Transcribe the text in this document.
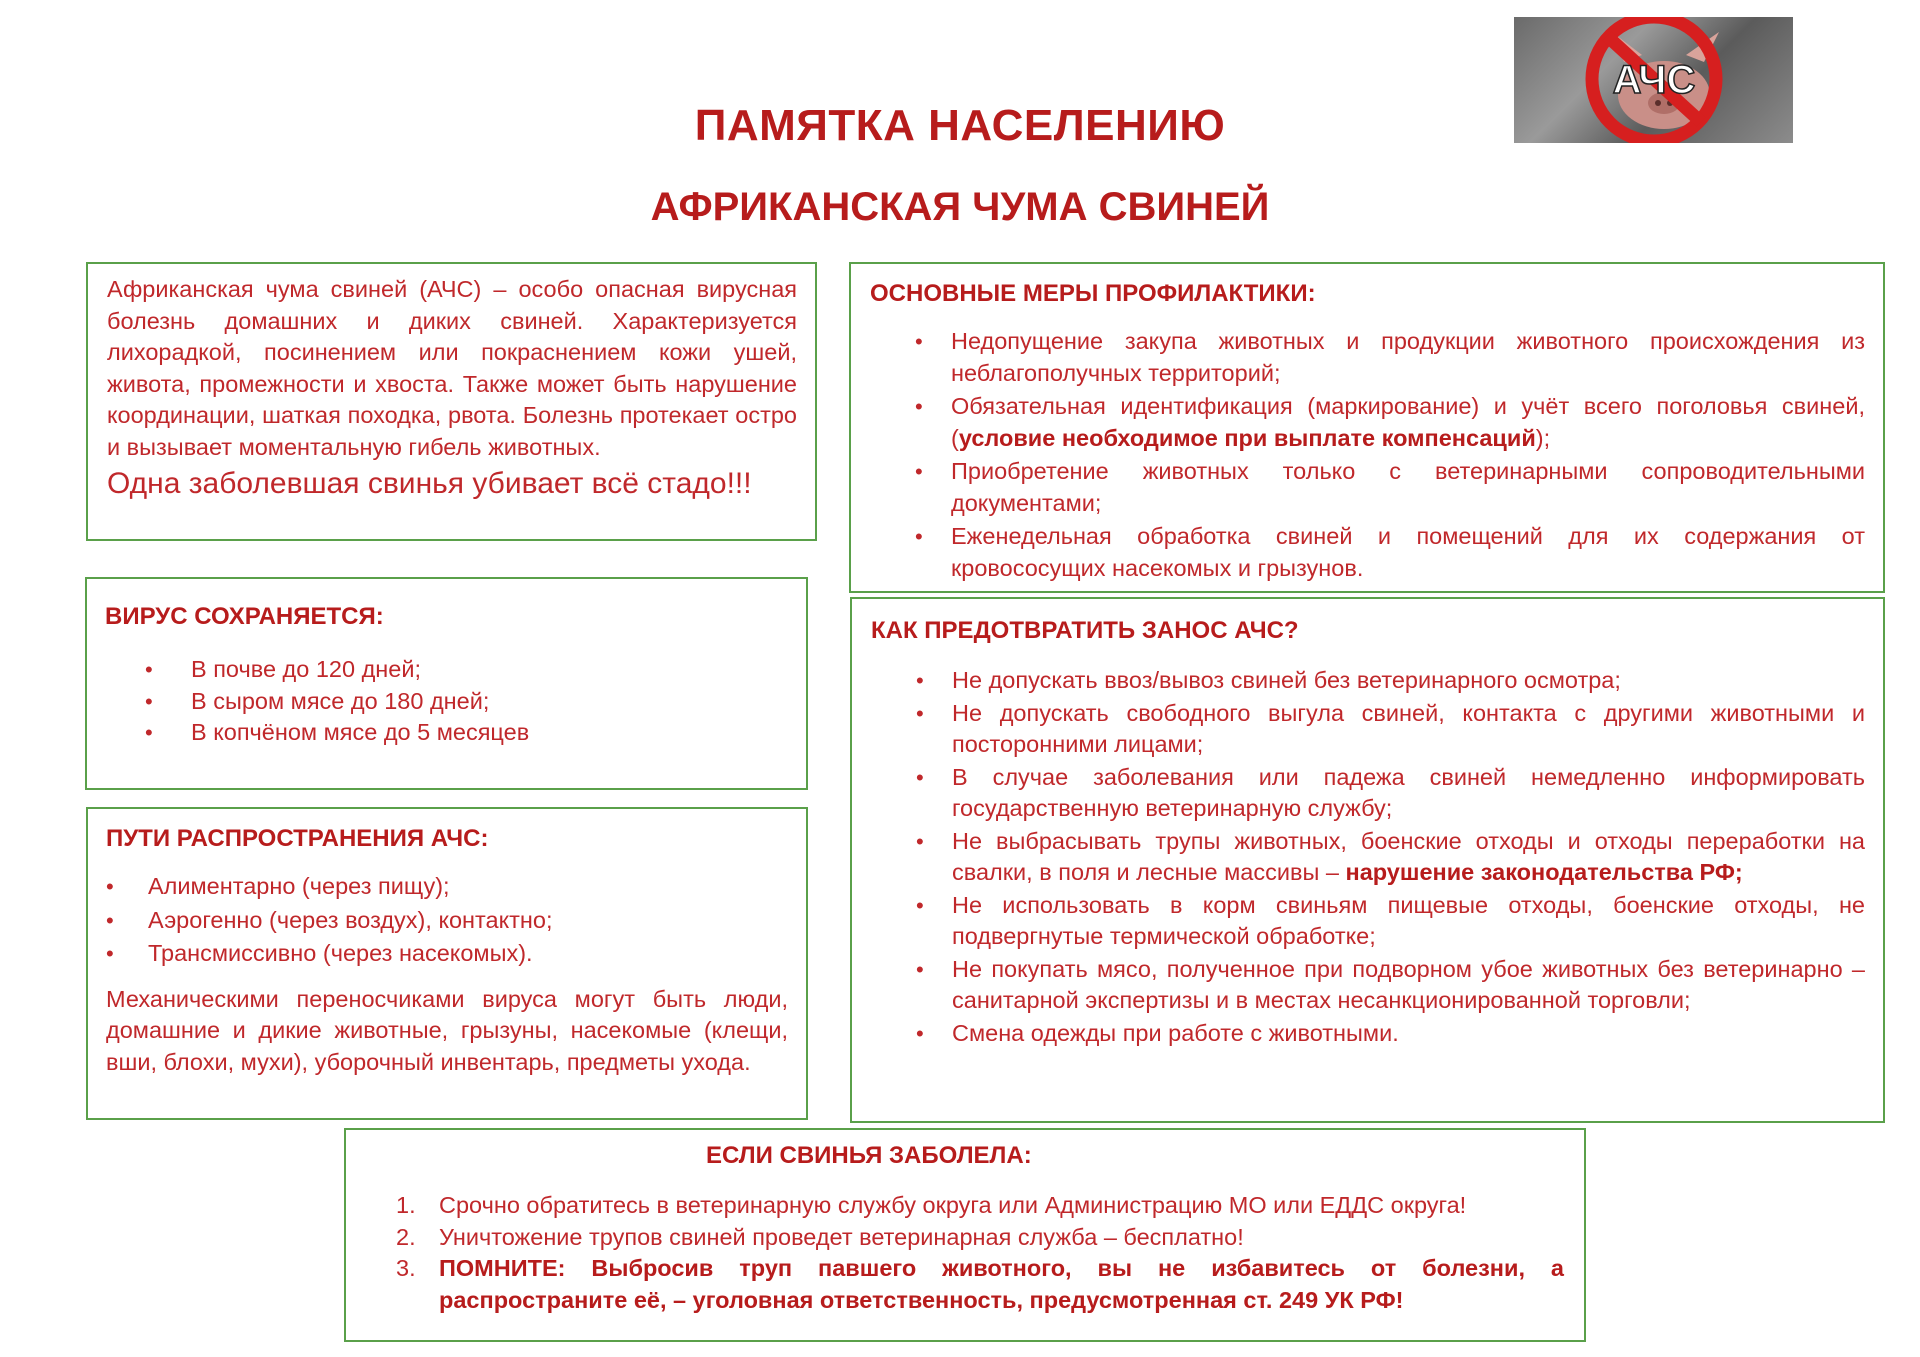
АЧС
ПАМЯТКА НАСЕЛЕНИЮ
АФРИКАНСКАЯ ЧУМА СВИНЕЙ
Африканская чума свиней (АЧС) – особо опасная вирусная болезнь домашних и диких свиней. Характеризуется лихорадкой, посинением или покраснением кожи ушей, живота, промежности и хвоста. Также может быть нарушение координации, шаткая походка, рвота. Болезнь протекает остро и вызывает моментальную гибель животных.
Одна заболевшая свинья убивает всё стадо!!!
ВИРУС СОХРАНЯЕТСЯ:
• В почве до 120 дней;
• В сыром мясе до 180 дней;
• В копчёном мясе до 5 месяцев
ПУТИ РАСПРОСТРАНЕНИЯ АЧС:
• Алиментарно (через пищу);
• Аэрогенно (через воздух), контактно;
• Трансмиссивно (через насекомых).
Механическими переносчиками вируса могут быть люди, домашние и дикие животные, грызуны, насекомые (клещи, вши, блохи, мухи), уборочный инвентарь, предметы ухода.
ОСНОВНЫЕ МЕРЫ ПРОФИЛАКТИКИ:
• Недопущение закупа животных и продукции животного происхождения из неблагополучных территорий;
• Обязательная идентификация (маркирование) и учёт всего поголовья свиней, (условие необходимое при выплате компенсаций);
• Приобретение животных только с ветеринарными сопроводительными документами;
• Еженедельная обработка свиней и помещений для их содержания от кровососущих насекомых и грызунов.
КАК ПРЕДОТВРАТИТЬ ЗАНОС АЧС?
• Не допускать ввоз/вывоз свиней без ветеринарного осмотра;
• Не допускать свободного выгула свиней, контакта с другими животными и посторонними лицами;
• В случае заболевания или падежа свиней немедленно информировать государственную ветеринарную службу;
• Не выбрасывать трупы животных, боенские отходы и отходы переработки на свалки, в поля и лесные массивы – нарушение законодательства РФ;
• Не использовать в корм свиньям пищевые отходы, боенские отходы, не подвергнутые термической обработке;
• Не покупать мясо, полученное при подворном убое животных без ветеринарно – санитарной экспертизы и в местах несанкционированной торговли;
• Смена одежды при работе с животными.
ЕСЛИ СВИНЬЯ ЗАБОЛЕЛА:
1. Срочно обратитесь в ветеринарную службу округа или Администрацию МО или ЕДДС округа!
2. Уничтожение трупов свиней проведет ветеринарная служба – бесплатно!
3. ПОМНИТЕ: Выбросив труп павшего животного, вы не избавитесь от болезни, а распространите её, – уголовная ответственность, предусмотренная ст. 249 УК РФ!
